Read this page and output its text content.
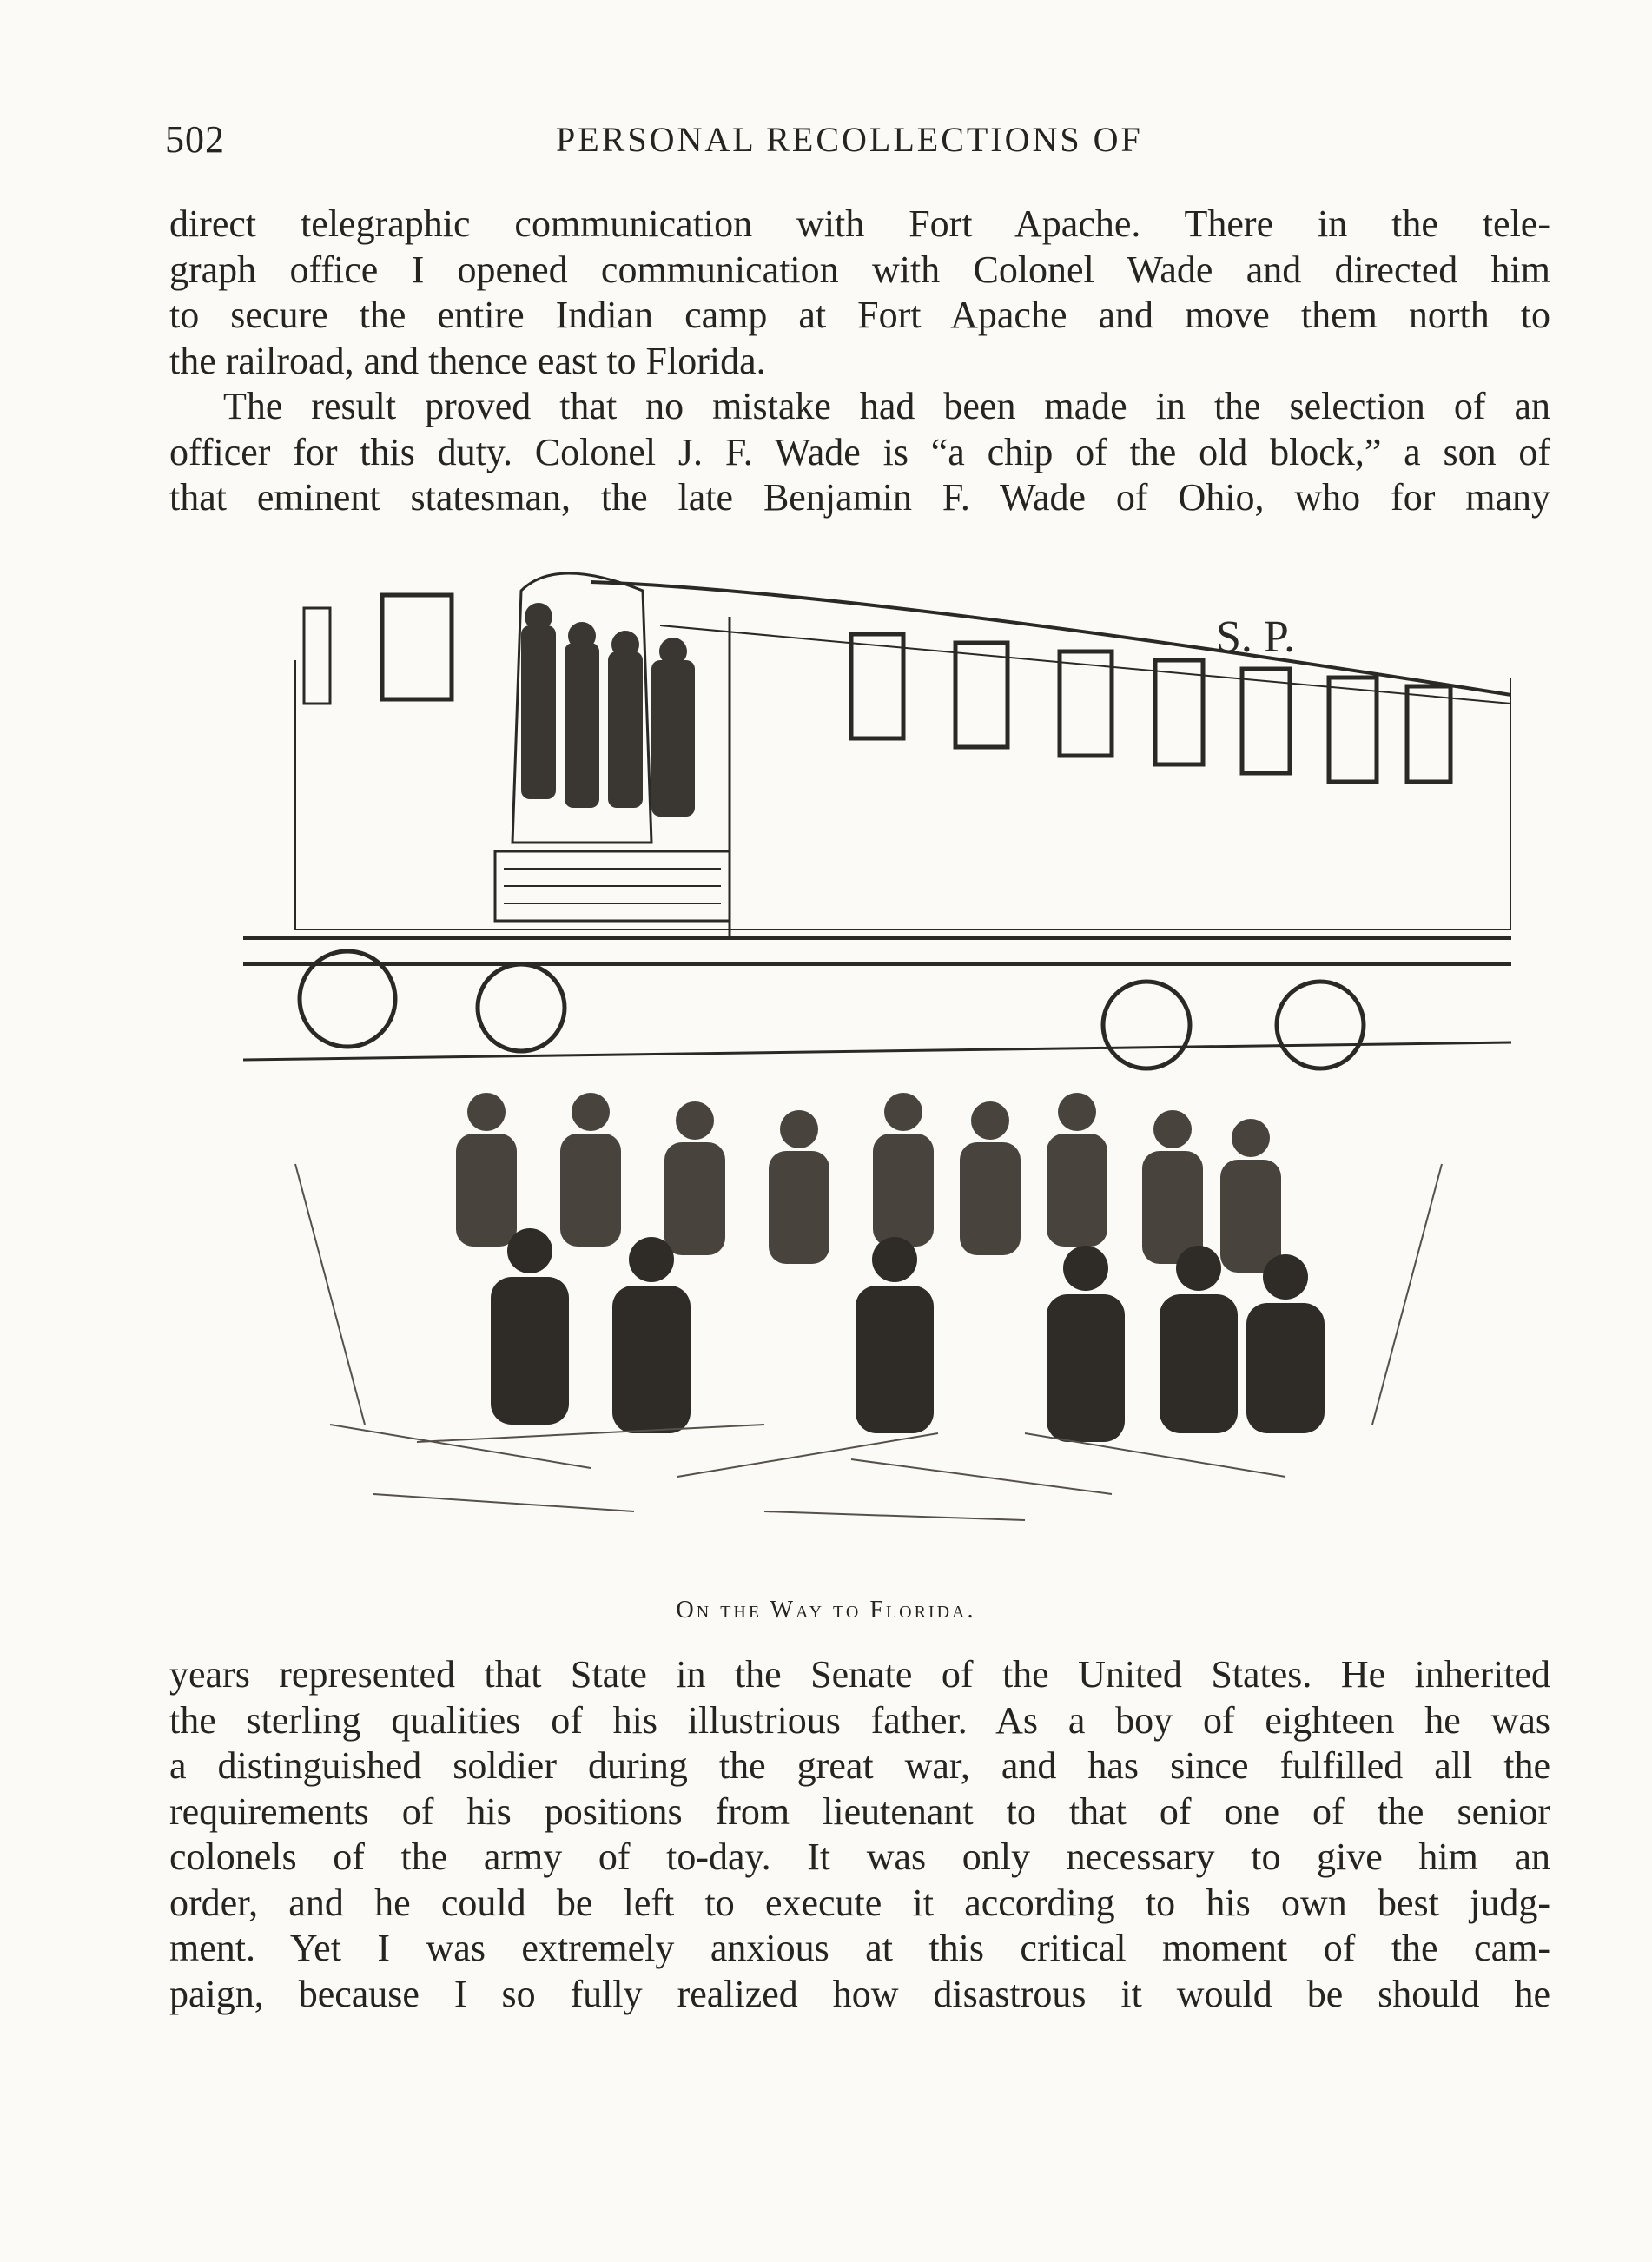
502	PERSONAL RECOLLECTIONS OF

direct telegraphic communication with Fort Apache. There in the tele-

graph office I opened communication with Colonel Wade and directed him

to secure the entire Indian camp at Fort Apache and move them north to

the railroad, and thence east to Florida.

The result proved that no mistake had been made in the selection of an

officer for this duty. Colonel J. F. Wade is “a chip of the old block,” a son of

that eminent statesman, the late Benjamin F. Wade of Ohio, who for many

S. P.
On the Way to Florida.

years represented that State in the Senate of the United States. He inherited

the sterling qualities of his illustrious father. As a boy of eighteen he was

a distinguished soldier during the great war, and has since fulfilled all the

requirements of his positions from lieutenant to that of one of the senior

colonels of the army of to-day. It was only necessary to give him an

order, and he could be left to execute it according to his own best judg-

ment. Yet I was extremely anxious at this critical moment of the cam-

paign, because I so fully realized how disastrous it would be should he
